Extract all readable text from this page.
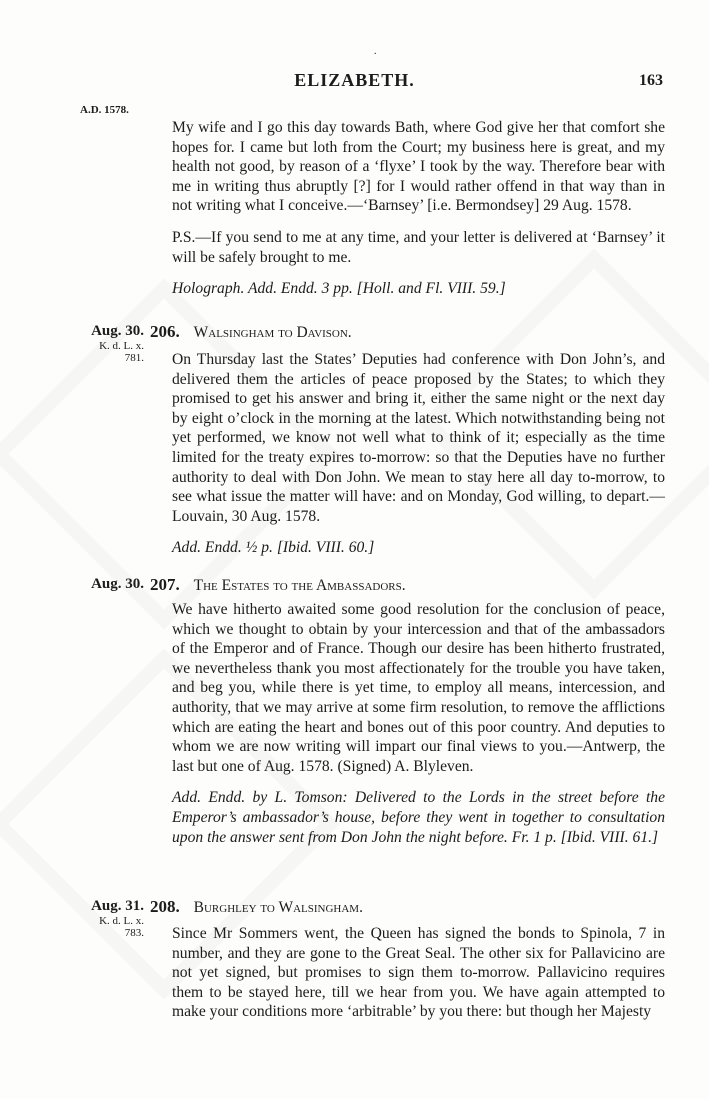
.
ELIZABETH.	163
A.D. 1578.

My wife and I go this day towards Bath, where God give her that comfort she hopes for. I came but loth from the Court; my business here is great, and my health not good, by reason of a ‘flyxe’ I took by the way. Therefore bear with me in writing thus abruptly [?] for I would rather offend in that way than in not writing what I conceive.—‘Barnsey’ [i.e. Bermondsey] 29 Aug. 1578.

P.S.—If you send to me at any time, and your letter is delivered at ‘Barnsey’ it will be safely brought to me.

Holograph. Add. Endd. 3 pp. [Holl. and Fl. VIII. 59.]

Aug. 30.
K. d. L. x.
781.
206. Walsingham to Davison.

On Thursday last the States’ Deputies had conference with Don John’s, and delivered them the articles of peace proposed by the States; to which they promised to get his answer and bring it, either the same night or the next day by eight o’clock in the morning at the latest. Which notwithstanding being not yet performed, we know not well what to think of it; especially as the time limited for the treaty expires to-morrow: so that the Deputies have no further authority to deal with Don John. We mean to stay here all day to-morrow, to see what issue the matter will have: and on Monday, God willing, to depart.—Louvain, 30 Aug. 1578.

Add. Endd. ½ p. [Ibid. VIII. 60.]

Aug. 30. 207. The Estates to the Ambassadors.

We have hitherto awaited some good resolution for the conclusion of peace, which we thought to obtain by your intercession and that of the ambassadors of the Emperor and of France. Though our desire has been hitherto frustrated, we nevertheless thank you most affectionately for the trouble you have taken, and beg you, while there is yet time, to employ all means, intercession, and authority, that we may arrive at some firm resolution, to remove the afflictions which are eating the heart and bones out of this poor country. And deputies to whom we are now writing will impart our final views to you.—Antwerp, the last but one of Aug. 1578. (Signed) A. Blyleven.

Add. Endd. by L. Tomson: Delivered to the Lords in the street before the Emperor’s ambassador’s house, before they went in together to consultation upon the answer sent from Don John the night before. Fr. 1 p. [Ibid. VIII. 61.]

Aug. 31.
K. d. L. x.
783.
208. Burghley to Walsingham.

Since Mr Sommers went, the Queen has signed the bonds to Spinola, 7 in number, and they are gone to the Great Seal. The other six for Pallavicino are not yet signed, but promises to sign them to-morrow. Pallavicino requires them to be stayed here, till we hear from you. We have again attempted to make your conditions more ‘arbitrable’ by you there: but though her Majesty
